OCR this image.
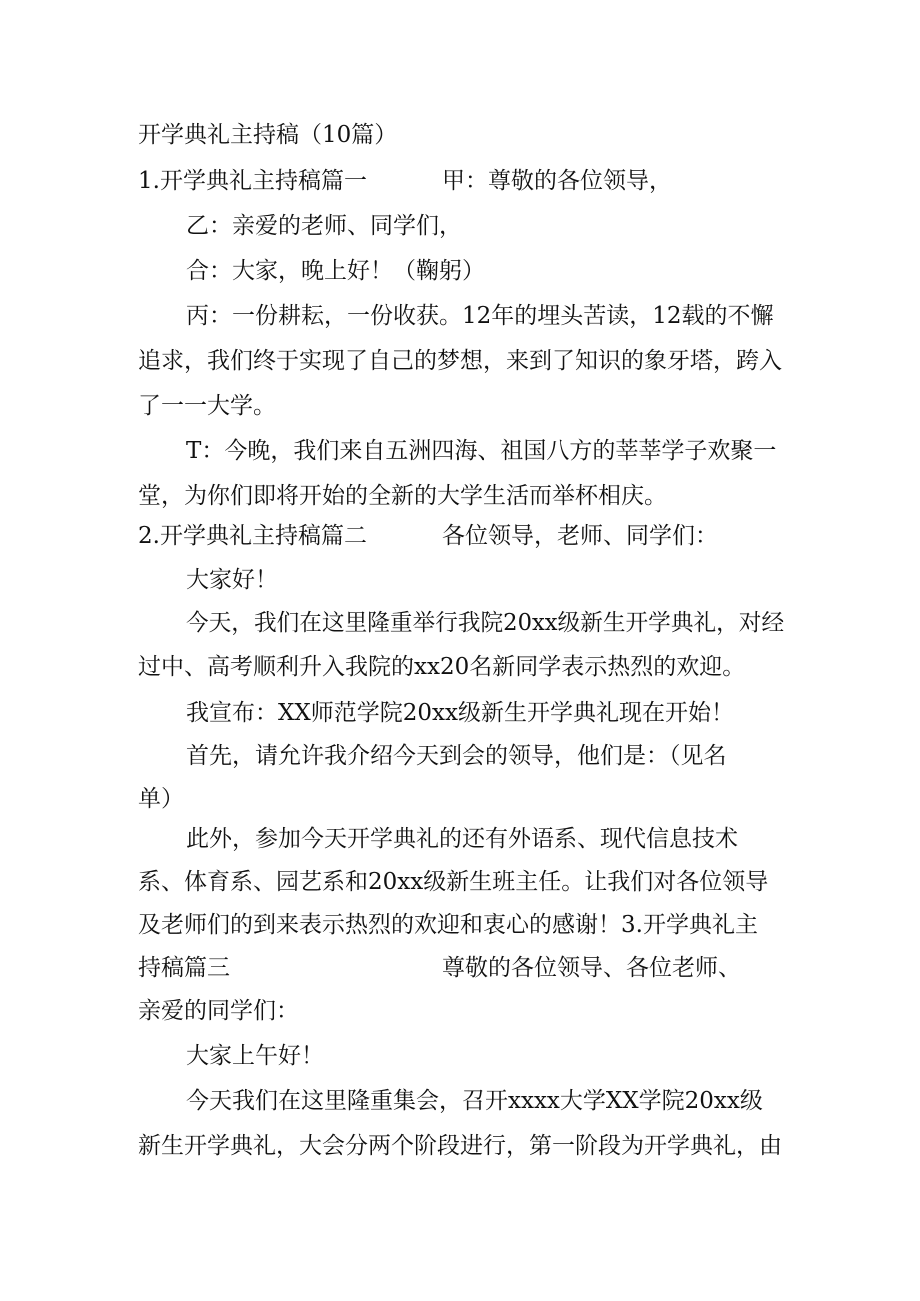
开学典礼主持稿（10篇）
1.开学典礼主持稿篇一	甲：尊敬的各位领导，
乙：亲爱的老师、同学们，
合：大家，晚上好！（鞠躬）
丙：一份耕耘，一份收获。12年的埋头苦读，12载的不懈
追求，我们终于实现了自己的梦想，来到了知识的象牙塔，跨入
了一一大学。
T：今晚，我们来自五洲四海、祖国八方的莘莘学子欢聚一
堂，为你们即将开始的全新的大学生活而举杯相庆。
2.开学典礼主持稿篇二	各位领导，老师、同学们：
大家好！
今天，我们在这里隆重举行我院20xx级新生开学典礼，对经
过中、高考顺利升入我院的xx20名新同学表示热烈的欢迎。
我宣布：XX师范学院20xx级新生开学典礼现在开始！
首先，请允许我介绍今天到会的领导，他们是：（见名
单）
此外，参加今天开学典礼的还有外语系、现代信息技术
系、体育系、园艺系和20xx级新生班主任。让我们对各位领导
及老师们的到来表示热烈的欢迎和衷心的感谢！3.开学典礼主
持稿篇三	尊敬的各位领导、各位老师、
亲爱的同学们：
大家上午好！
今天我们在这里隆重集会，召开xxxx大学XX学院20xx级
新生开学典礼，大会分两个阶段进行，第一阶段为开学典礼，由
